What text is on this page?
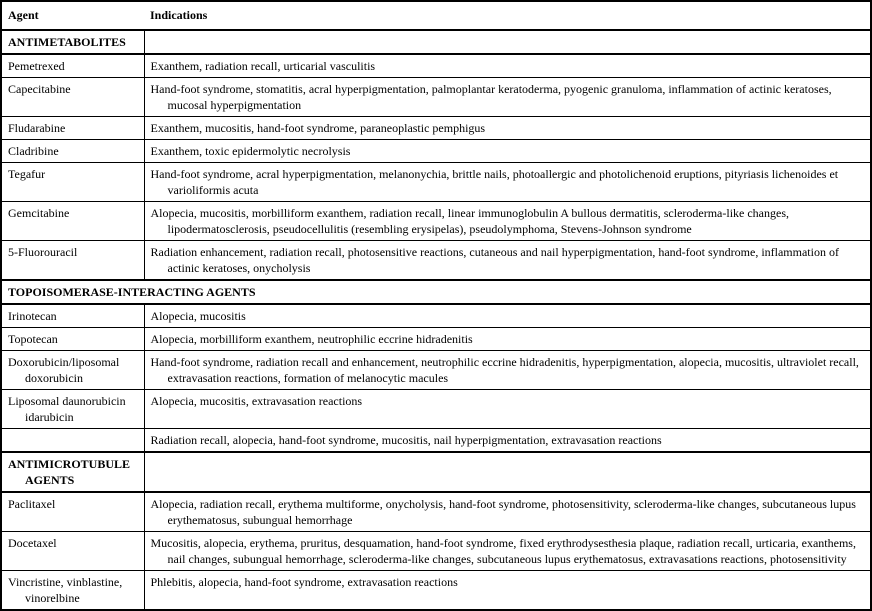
Agent	Indications

ANTIMETABOLITES	

Pemetrexed	Exanthem, radiation recall, urticarial vasculitis

Capecitabine	Hand-foot syndrome, stomatitis, acral hyperpigmentation, palmoplantar keratoderma, pyogenic granuloma, inflammation of actinic keratoses, mucosal hyperpigmentation

Fludarabine	Exanthem, mucositis, hand-foot syndrome, paraneoplastic pemphigus

Cladribine	Exanthem, toxic epidermolytic necrolysis

Tegafur	Hand-foot syndrome, acral hyperpigmentation, melanonychia, brittle nails, photoallergic and photolichenoid eruptions, pityriasis lichenoides et varioliformis acuta

Gemcitabine	Alopecia, mucositis, morbilliform exanthem, radiation recall, linear immunoglobulin A bullous dermatitis, scleroderma-like changes, lipodermatosclerosis, pseudocellulitis (resembling erysipelas), pseudolymphoma, Stevens-Johnson syndrome

5-Fluorouracil	Radiation enhancement, radiation recall, photosensitive reactions, cutaneous and nail hyperpigmentation, hand-foot syndrome, inflammation of actinic keratoses, onycholysis

TOPOISOMERASE-INTERACTING AGENTS	

Irinotecan	Alopecia, mucositis

Topotecan	Alopecia, morbilliform exanthem, neutrophilic eccrine hidradenitis

Doxorubicin/liposomal doxorubicin	Hand-foot syndrome, radiation recall and enhancement, neutrophilic eccrine hidradenitis, hyperpigmentation, alopecia, mucositis, ultraviolet recall, extravasation reactions, formation of melanocytic macules

Liposomal daunorubicin idarubicin	Alopecia, mucositis, extravasation reactions

	Radiation recall, alopecia, hand-foot syndrome, mucositis, nail hyperpigmentation, extravasation reactions

ANTIMICROTUBULE AGENTS	

Paclitaxel	Alopecia, radiation recall, erythema multiforme, onycholysis, hand-foot syndrome, photosensitivity, scleroderma-like changes, subcutaneous lupus erythematosus, subungual hemorrhage

Docetaxel	Mucositis, alopecia, erythema, pruritus, desquamation, hand-foot syndrome, fixed erythrodysesthesia plaque, radiation recall, urticaria, exanthems, nail changes, subungual hemorrhage, scleroderma-like changes, subcutaneous lupus erythematosus, extravasations reactions, photosensitivity

Vincristine, vinblastine, vinorelbine	Phlebitis, alopecia, hand-foot syndrome, extravasation reactions
